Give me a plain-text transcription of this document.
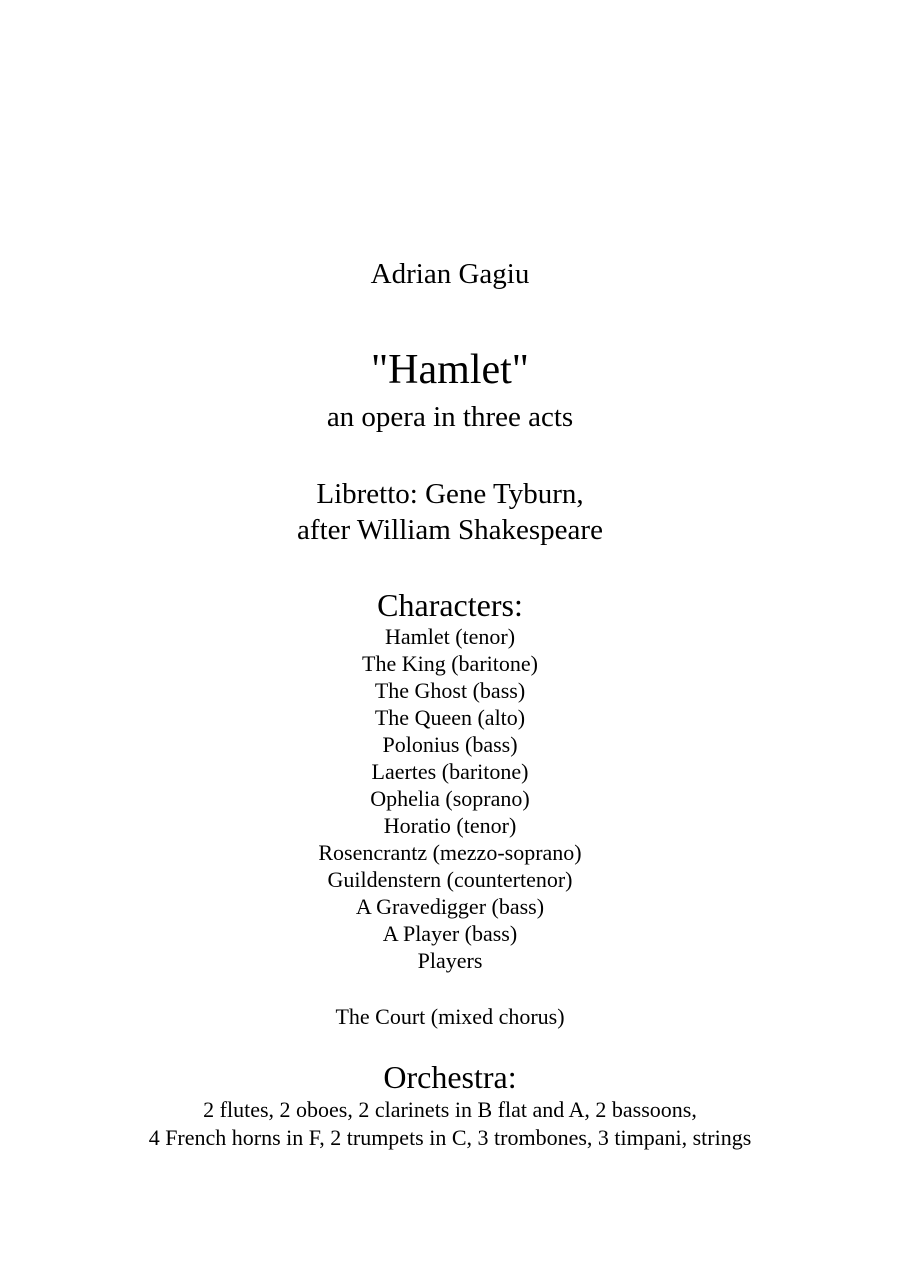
Adrian Gagiu
"Hamlet"
an opera in three acts
Libretto: Gene Tyburn,
after William Shakespeare
Characters:
Hamlet (tenor)
The King (baritone)
The Ghost (bass)
The Queen (alto)
Polonius (bass)
Laertes (baritone)
Ophelia (soprano)
Horatio (tenor)
Rosencrantz (mezzo-soprano)
Guildenstern (countertenor)
A Gravedigger (bass)
A Player (bass)
Players
The Court (mixed chorus)
Orchestra:
2 flutes, 2 oboes, 2 clarinets in B flat and A, 2 bassoons,
4 French horns in F, 2 trumpets in C, 3 trombones, 3 timpani, strings
